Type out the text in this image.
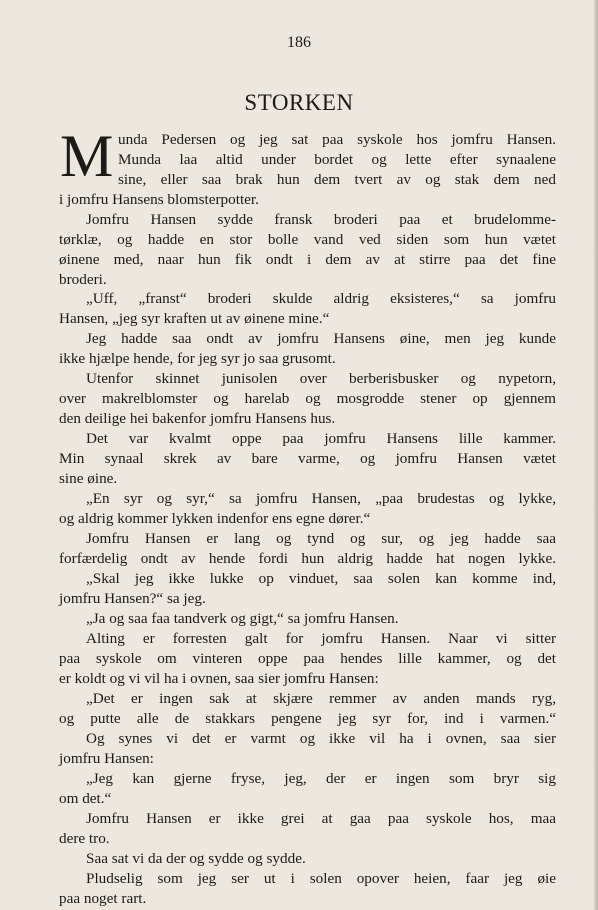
186
STORKEN
M unda Pedersen og jeg sat paa syskole hos jomfru Hansen.
Munda laa altid under bordet og lette efter synaalene
sine, eller saa brak hun dem tvert av og stak dem ned
i jomfru Hansens blomsterpotter.
Jomfru Hansen sydde fransk broderi paa et brudelomme-
tørklæ, og hadde en stor bolle vand ved siden som hun vætet
øinene med, naar hun fik ondt i dem av at stirre paa det fine
broderi.
„Uff, „franst“ broderi skulde aldrig eksisteres,“ sa jomfru
Hansen, „jeg syr kraften ut av øinene mine.“
Jeg hadde saa ondt av jomfru Hansens øine, men jeg kunde
ikke hjælpe hende, for jeg syr jo saa grusomt.
Utenfor skinnet junisolen over berberisbusker og nypetorn,
over makrelblomster og harelab og mosgrodde stener op gjennem
den deilige hei bakenfor jomfru Hansens hus.
Det var kvalmt oppe paa jomfru Hansens lille kammer.
Min synaal skrek av bare varme, og jomfru Hansen vætet
sine øine.
„En syr og syr,“ sa jomfru Hansen, „paa brudestas og lykke,
og aldrig kommer lykken indenfor ens egne dører.“
Jomfru Hansen er lang og tynd og sur, og jeg hadde saa
forfærdelig ondt av hende fordi hun aldrig hadde hat nogen lykke.
„Skal jeg ikke lukke op vinduet, saa solen kan komme ind,
jomfru Hansen?“ sa jeg.
„Ja og saa faa tandverk og gigt,“ sa jomfru Hansen.
Alting er forresten galt for jomfru Hansen. Naar vi sitter
paa syskole om vinteren oppe paa hendes lille kammer, og det
er koldt og vi vil ha i ovnen, saa sier jomfru Hansen:
„Det er ingen sak at skjære remmer av anden mands ryg,
og putte alle de stakkars pengene jeg syr for, ind i varmen.“
Og synes vi det er varmt og ikke vil ha i ovnen, saa sier
jomfru Hansen:
„Jeg kan gjerne fryse, jeg, der er ingen som bryr sig
om det.“
Jomfru Hansen er ikke grei at gaa paa syskole hos, maa
dere tro.
Saa sat vi da der og sydde og sydde.
Pludselig som jeg ser ut i solen opover heien, faar jeg øie
paa noget rart.
